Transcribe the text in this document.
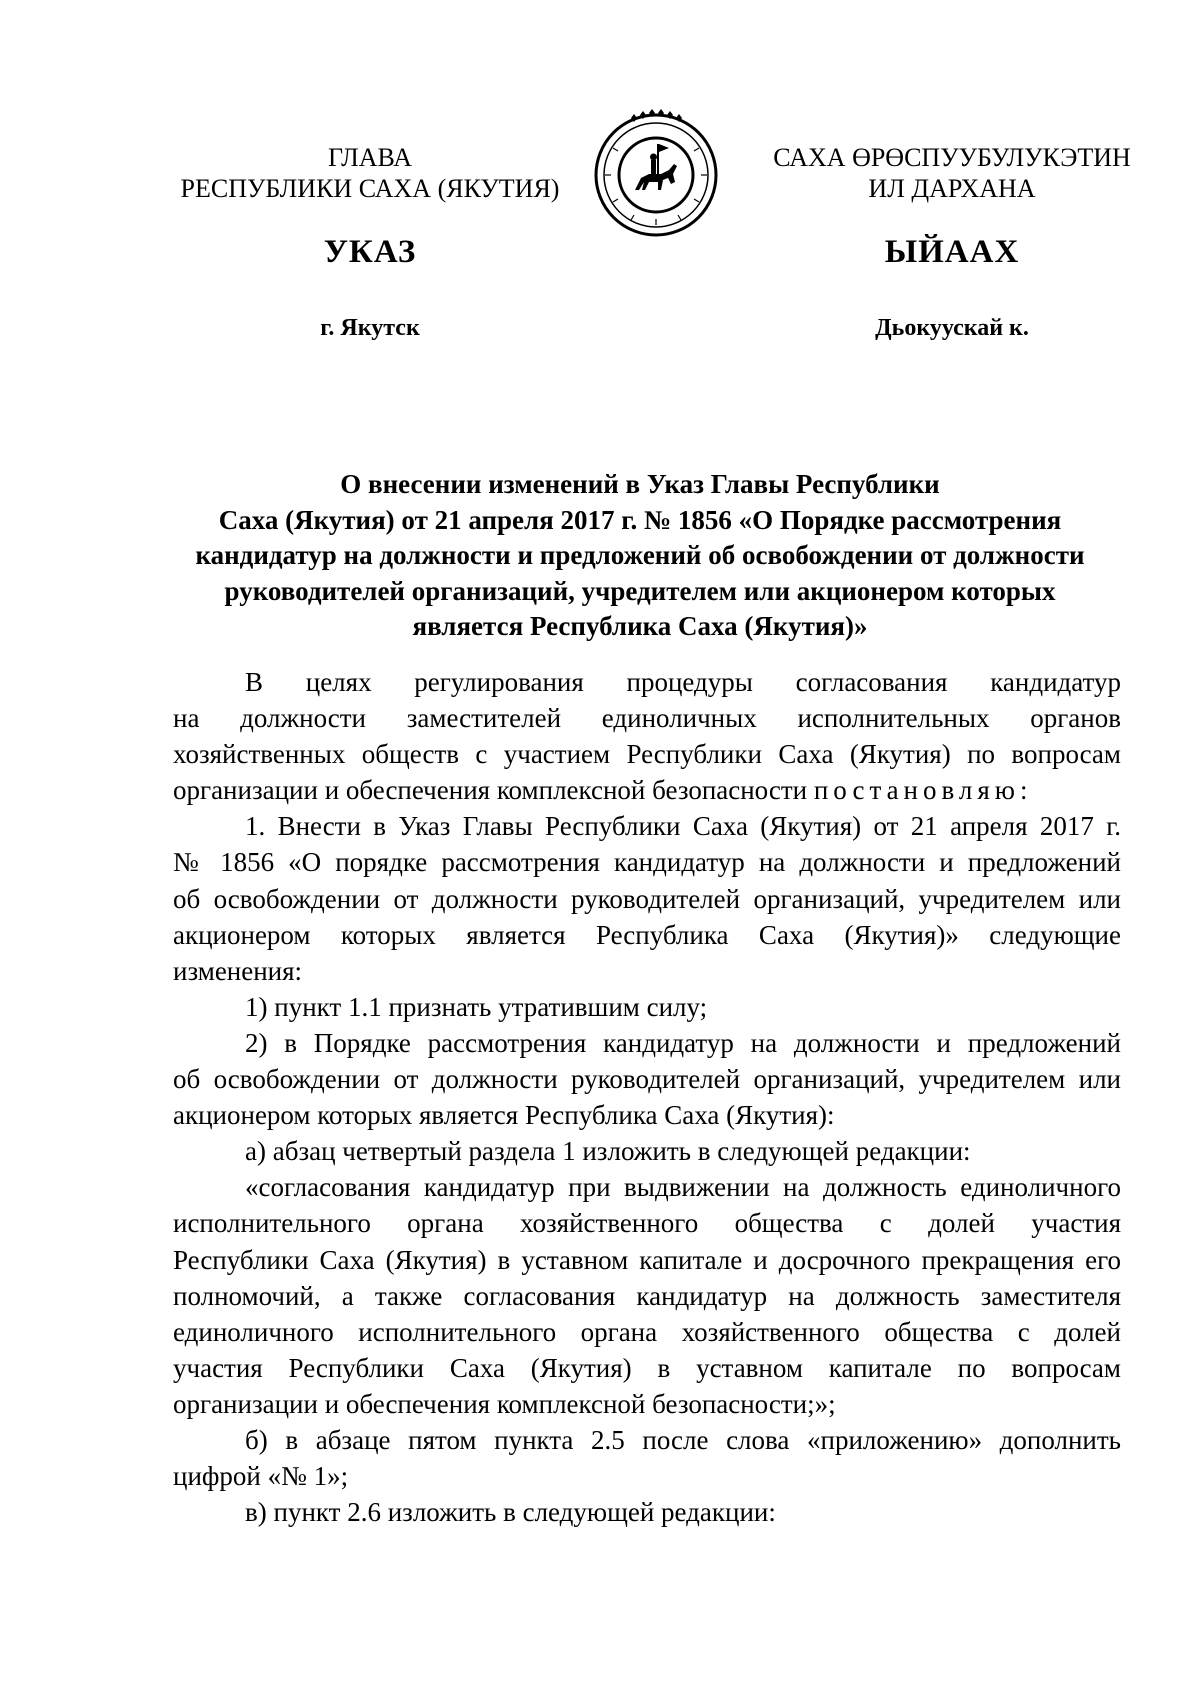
ГЛАВА
РЕСПУБЛИКИ САХА (ЯКУТИЯ)
САХА ӨРӨСПУУБУЛУКЭТИН
ИЛ ДАРХАНА
УКАЗ	ЫЙААХ
г. Якутск	Дьокуускай к.
О внесении изменений в Указ Главы Республики
Саха (Якутия) от 21 апреля 2017 г. № 1856 «О Порядке рассмотрения
кандидатур на должности и предложений об освобождении от должности
руководителей организаций, учредителем или акционером которых
является Республика Саха (Якутия)»
В целях регулирования процедуры согласования кандидатур
на должности заместителей единоличных исполнительных органов
хозяйственных обществ с участием Республики Саха (Якутия) по вопросам
организации и обеспечения комплексной безопасности постановляю:
1. Внести в Указ Главы Республики Саха (Якутия) от 21 апреля 2017 г.
№ 1856 «О порядке рассмотрения кандидатур на должности и предложений
об освобождении от должности руководителей организаций, учредителем или
акционером которых является Республика Саха (Якутия)» следующие
изменения:
1) пункт 1.1 признать утратившим силу;
2) в Порядке рассмотрения кандидатур на должности и предложений
об освобождении от должности руководителей организаций, учредителем или
акционером которых является Республика Саха (Якутия):
а) абзац четвертый раздела 1 изложить в следующей редакции:
«согласования кандидатур при выдвижении на должность единоличного
исполнительного органа хозяйственного общества с долей участия
Республики Саха (Якутия) в уставном капитале и досрочного прекращения его
полномочий, а также согласования кандидатур на должность заместителя
единоличного исполнительного органа хозяйственного общества с долей
участия Республики Саха (Якутия) в уставном капитале по вопросам
организации и обеспечения комплексной безопасности;»;
б) в абзаце пятом пункта 2.5 после слова «приложению» дополнить
цифрой «№ 1»;
в) пункт 2.6 изложить в следующей редакции:
